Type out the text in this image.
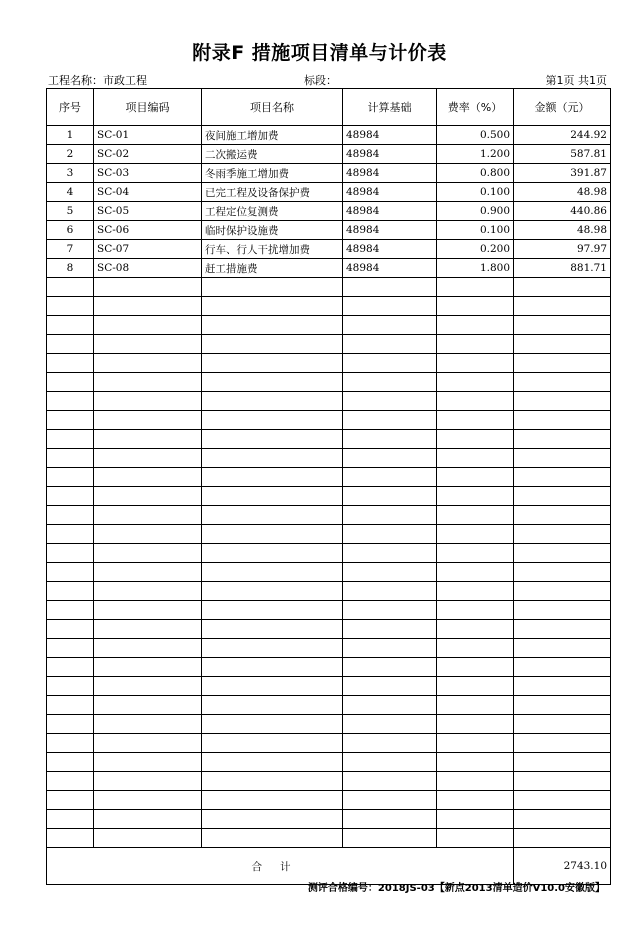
附录F 措施项目清单与计价表
工程名称：市政工程	标段：	第1页 共1页
序号	项目编码	项目名称	计算基础	费率（%）	金额（元）
1	SC-01	夜间施工增加费	48984	0.500	244.92
2	SC-02	二次搬运费	48984	1.200	587.81
3	SC-03	冬雨季施工增加费	48984	0.800	391.87
4	SC-04	已完工程及设备保护费	48984	0.100	48.98
5	SC-05	工程定位复测费	48984	0.900	440.86
6	SC-06	临时保护设施费	48984	0.100	48.98
7	SC-07	行车、行人干扰增加费	48984	0.200	97.97
8	SC-08	赶工措施费	48984	1.800	881.71

合计					2743.10
测评合格编号：2018JS-03【新点2013清单造价V10.0安徽版】
